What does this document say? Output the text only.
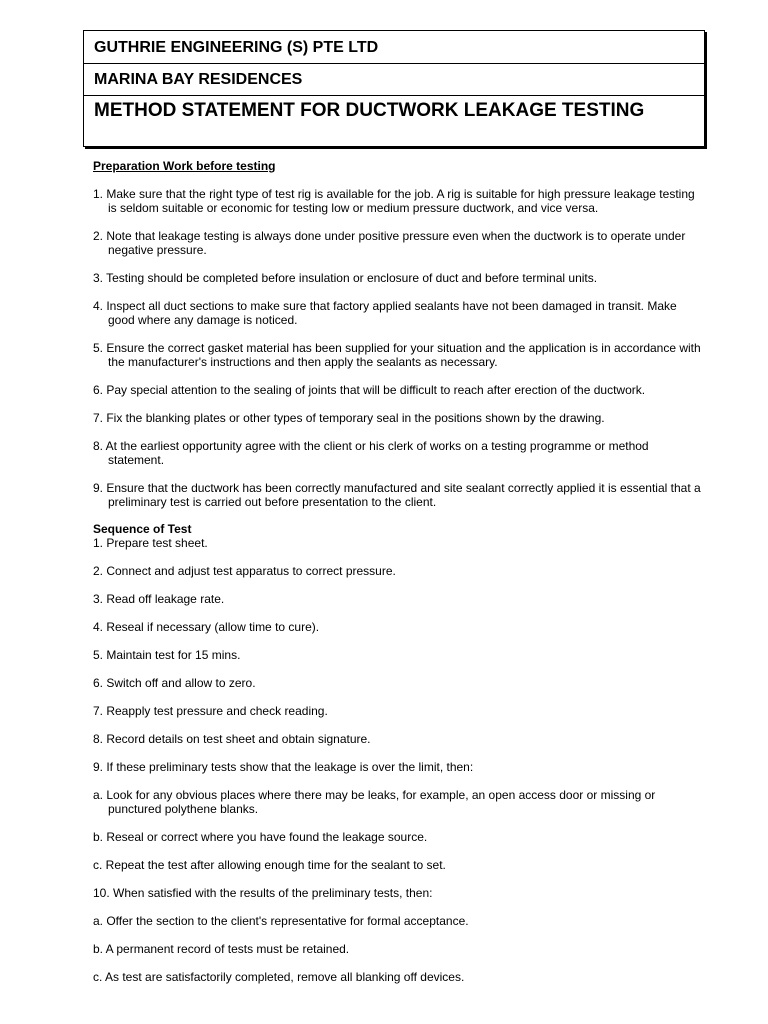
GUTHRIE ENGINEERING (S) PTE LTD
MARINA BAY RESIDENCES
METHOD STATEMENT FOR DUCTWORK LEAKAGE TESTING

Preparation Work before testing

1. Make sure that the right type of test rig is available for the job. A rig is suitable for high pressure leakage testing is seldom suitable or economic for testing low or medium pressure ductwork, and vice versa.

2. Note that leakage testing is always done under positive pressure even when the ductwork is to operate under negative pressure.

3. Testing should be completed before insulation or enclosure of duct and before terminal units.

4. Inspect all duct sections to make sure that factory applied sealants have not been damaged in transit. Make good where any damage is noticed.

5. Ensure the correct gasket material has been supplied for your situation and the application is in accordance with the manufacturer's instructions and then apply the sealants as necessary.

6. Pay special attention to the sealing of joints that will be difficult to reach after erection of the ductwork.

7. Fix the blanking plates or other types of temporary seal in the positions shown by the drawing.

8. At the earliest opportunity agree with the client or his clerk of works on a testing programme or method statement.

9. Ensure that the ductwork has been correctly manufactured and site sealant correctly applied it is essential that a preliminary test is carried out before presentation to the client.

Sequence of Test

1. Prepare test sheet.

2. Connect and adjust test apparatus to correct pressure.

3. Read off leakage rate.

4. Reseal if necessary (allow time to cure).

5. Maintain test for 15 mins.

6. Switch off and allow to zero.

7. Reapply test pressure and check reading.

8. Record details on test sheet and obtain signature.

9. If these preliminary tests show that the leakage is over the limit, then:

a. Look for any obvious places where there may be leaks, for example, an open access door or missing or punctured polythene blanks.

b. Reseal or correct where you have found the leakage source.

c. Repeat the test after allowing enough time for the sealant to set.

10. When satisfied with the results of the preliminary tests, then:

a. Offer the section to the client's representative for formal acceptance.

b. A permanent record of tests must be retained.

c. As test are satisfactorily completed, remove all blanking off devices.
